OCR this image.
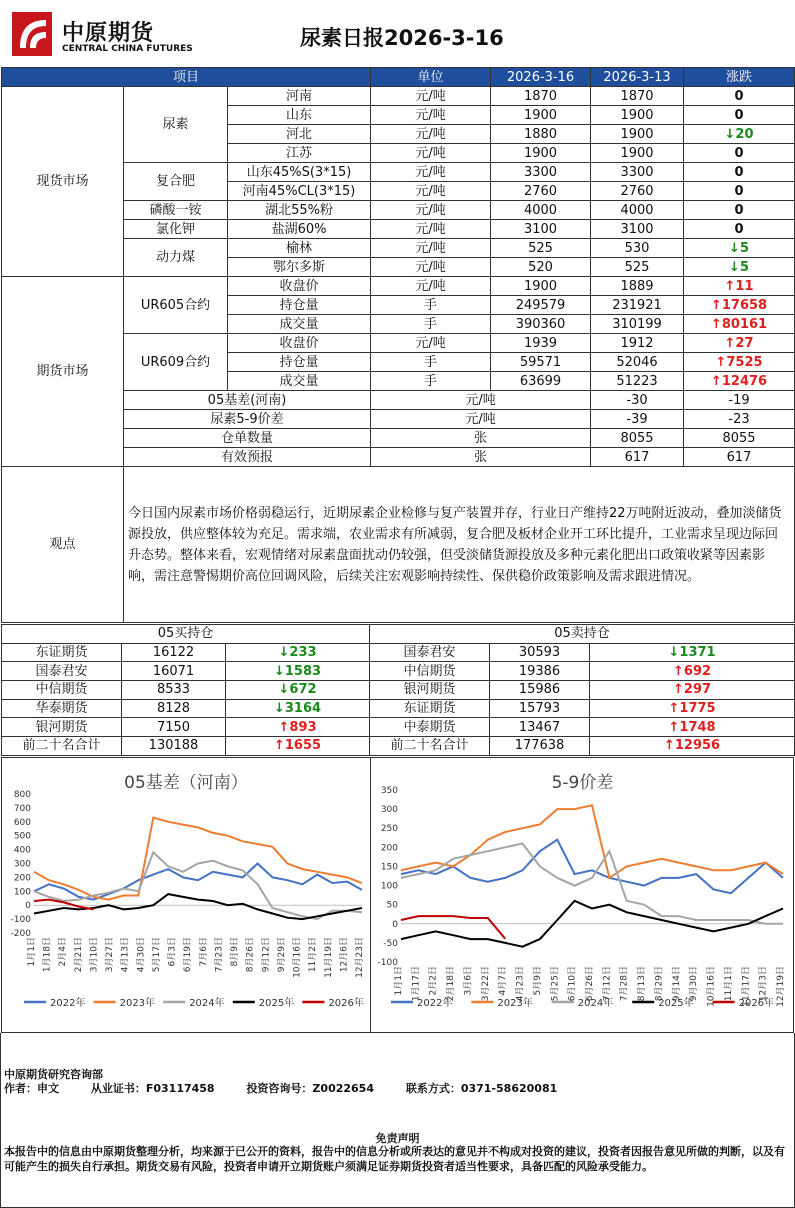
中原期货
CENTRAL CHINA FUTURES	尿素日报2026-3-16
项目			单位	2026-3-16	2026-3-13	涨跌	
现货市场	尿素	河南	元/吨	1870	1870	0	
		山东	元/吨	1900	1900	0	
		河北	元/吨	1880	1900	↓20	
		江苏	元/吨	1900	1900	0	
	复合肥	山东45%S(3*15)	元/吨	3300	3300	0	
		河南45%CL(3*15)	元/吨	2760	2760	0	
	磷酸一铵	湖北55%粉	元/吨	4000	4000	0	
	氯化钾	盐湖60%	元/吨	3100	3100	0	
	动力煤	榆林	元/吨	525	530	↓5	
		鄂尔多斯	元/吨	520	525	↓5	
期货市场	UR605合约	收盘价	元/吨	1900	1889	↑11	
		持仓量	手	249579	231921	↑17658	
		成交量	手	390360	310199	↑80161	
	UR609合约	收盘价	元/吨	1939	1912	↑27	
		持仓量	手	59571	52046	↑7525	
		成交量	手	63699	51223	↑12476	
	05基差(河南)		元/吨		-30	-19	
	尿素5-9价差		元/吨		-39	-23	
	仓单数量		张		8055	8055	
	有效预报		张		617	617	
观点	今日国内尿素市场价格弱稳运行，近期尿素企业检修与复产装置并存，行业日产维持22万吨附近波动，叠加淡储货源投放，供应整体较为充足。需求端，农业需求有所减弱，复合肥及板材企业开工环比提升，工业需求呈现边际回升态势。整体来看，宏观情绪对尿素盘面扰动仍较强，但受淡储货源投放及多种元素化肥出口政策收紧等因素影响，需注意警惕期价高位回调风险，后续关注宏观影响持续性、保供稳价政策影响及需求跟进情况。						
05买持仓			05卖持仓		
东证期货	16122	↓233	国泰君安	30593	↓1371
国泰君安	16071	↓1583	中信期货	19386	↑692
中信期货	8533	↓672	银河期货	15986	↑297
华泰期货	8128	↓3164	东证期货	15793	↑1775
银河期货	7150	↑893	中泰期货	13467	↑1748
前二十名合计	130188	↑1655	前二十名合计	177638	↑12956
05基差（河南）
800
700
600
500
400
300
200
100
0
-100
-200
1月1日 1月18日 2月4日 2月21日 3月10日 3月27日 4月13日 4月30日 5月17日 6月3日 6月19日 7月6日 7月23日 8月9日 8月26日 9月12日 9月29日 10月16日 11月2日 11月19日 12月6日 12月23日
2022年	2023年	2024年	2025年	2026年
5-9价差
350
300
250
200
150
100
50
0
-50
-100
1月1日 1月17日 2月2日 2月18日 3月6日 3月22日 4月7日 4月23日 5月9日 5月25日 6月10日 6月26日 7月12日 7月28日 8月13日 8月29日 9月14日 9月30日 10月16日 11月1日 11月17日 12月3日 12月19日
2022年	2023年	2024年	2025年	2026年
中原期货研究咨询部
作者：申文	从业证书：F03117458	投资咨询号：Z0022654	联系方式：0371-58620081
免责声明
本报告中的信息由中原期货整理分析，均来源于已公开的资料，报告中的信息分析或所表达的意见并不构成对投资的建议，投资者因报告意见所做的判断，以及有可能产生的损失自行承担。期货交易有风险，投资者申请开立期货账户须满足证券期货投资者适当性要求，具备匹配的风险承受能力。
